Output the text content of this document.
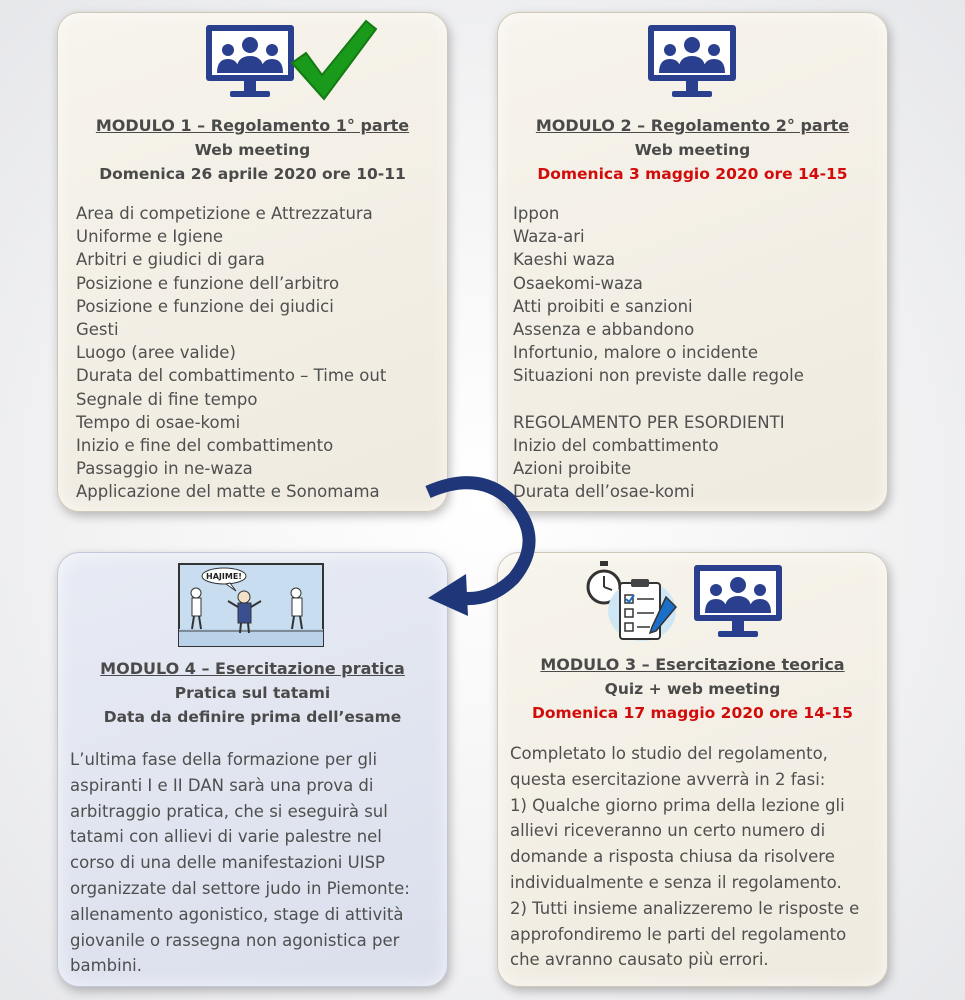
MODULO 1 – Regolamento 1° parte
Web meeting
Domenica 26 aprile 2020 ore 10-11
Area di competizione e Attrezzatura
Uniforme e Igiene
Arbitri e giudici di gara
Posizione e funzione dell’arbitro
Posizione e funzione dei giudici
Gesti
Luogo (aree valide)
Durata del combattimento – Time out
Segnale di fine tempo
Tempo di osae-komi
Inizio e fine del combattimento
Passaggio in ne-waza
Applicazione del matte e Sonomama
MODULO 2 – Regolamento 2° parte
Web meeting
Domenica 3 maggio 2020 ore 14-15
Ippon
Waza-ari
Kaeshi waza
Osaekomi-waza
Atti proibiti e sanzioni
Assenza e abbandono
Infortunio, malore o incidente
Situazioni non previste dalle regole
REGOLAMENTO PER ESORDIENTI
Inizio del combattimento
Azioni proibite
Durata dell’osae-komi
HAJIME!
MODULO 4 – Esercitazione pratica
Pratica sul tatami
Data da definire prima dell’esame
L’ultima fase della formazione per gli
aspiranti I e II DAN sarà una prova di
arbitraggio pratica, che si eseguirà sul
tatami con allievi di varie palestre nel
corso di una delle manifestazioni UISP
organizzate dal settore judo in Piemonte:
allenamento agonistico, stage di attività
giovanile o rassegna non agonistica per
bambini.
MODULO 3 – Esercitazione teorica
Quiz + web meeting
Domenica 17 maggio 2020 ore 14-15
Completato lo studio del regolamento,
questa esercitazione avverrà in 2 fasi:
1) Qualche giorno prima della lezione gli
allievi riceveranno un certo numero di
domande a risposta chiusa da risolvere
individualmente e senza il regolamento.
2) Tutti insieme analizzeremo le risposte e
approfondiremo le parti del regolamento
che avranno causato più errori.
